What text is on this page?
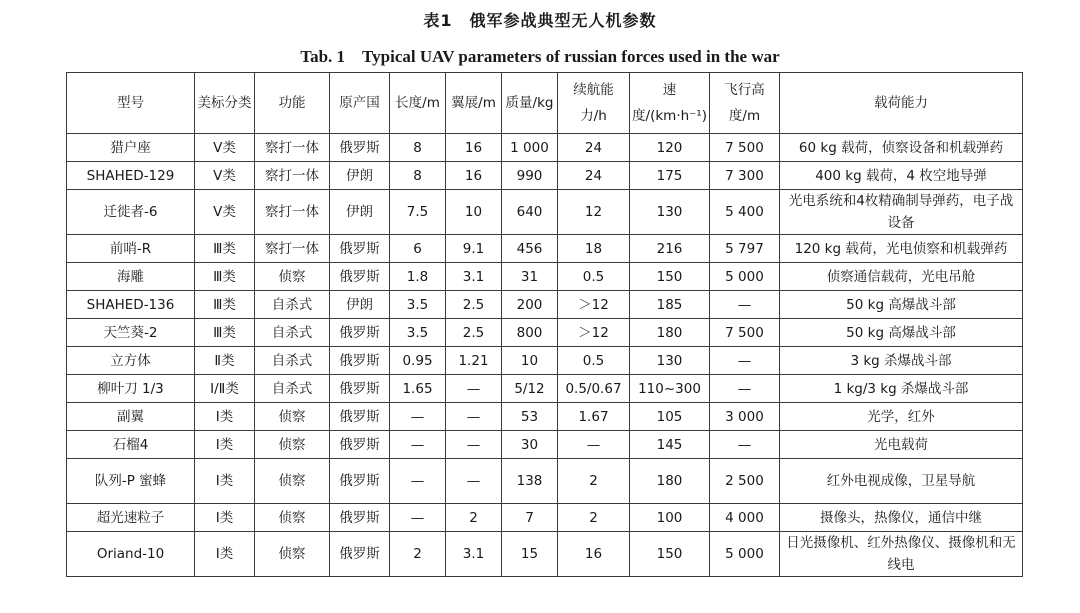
表1　俄军参战典型无人机参数
Tab. 1　Typical UAV parameters of russian forces used in the war
型号	美标分类	功能	原产国	长度/m	翼展/m	质量/kg	续航能力/h	速度/(km·h⁻¹)	飞行高度/m	载荷能力
猎户座	Ⅴ类	察打一体	俄罗斯	8	16	1 000	24	120	7 500	60 kg 载荷，侦察设备和机载弹药
SHAHED-129	Ⅴ类	察打一体	伊朗	8	16	990	24	175	7 300	400 kg 载荷，4 枚空地导弹
迁徙者-6	Ⅴ类	察打一体	伊朗	7.5	10	640	12	130	5 400	光电系统和4枚精确制导弹药，电子战设备
前哨-R	Ⅲ类	察打一体	俄罗斯	6	9.1	456	18	216	5 797	120 kg 载荷，光电侦察和机载弹药
海雕	Ⅲ类	侦察	俄罗斯	1.8	3.1	31	0.5	150	5 000	侦察通信载荷，光电吊舱
SHAHED-136	Ⅲ类	自杀式	伊朗	3.5	2.5	200	＞12	185	—	50 kg 高爆战斗部
天竺葵-2	Ⅲ类	自杀式	俄罗斯	3.5	2.5	800	＞12	180	7 500	50 kg 高爆战斗部
立方体	Ⅱ类	自杀式	俄罗斯	0.95	1.21	10	0.5	130	—	3 kg 杀爆战斗部
柳叶刀 1/3	Ⅰ/Ⅱ类	自杀式	俄罗斯	1.65	—	5/12	0.5/0.67	110~300	—	1 kg/3 kg 杀爆战斗部
副翼	Ⅰ类	侦察	俄罗斯	—	—	53	1.67	105	3 000	光学，红外
石榴4	Ⅰ类	侦察	俄罗斯	—	—	30	—	145	—	光电载荷
队列-P 蜜蜂	Ⅰ类	侦察	俄罗斯	—	—	138	2	180	2 500	红外电视成像，卫星导航
超光速粒子	Ⅰ类	侦察	俄罗斯	—	2	7	2	100	4 000	摄像头，热像仪，通信中继
Oriand-10	Ⅰ类	侦察	俄罗斯	2	3.1	15	16	150	5 000	日光摄像机、红外热像仪、摄像机和无线电
